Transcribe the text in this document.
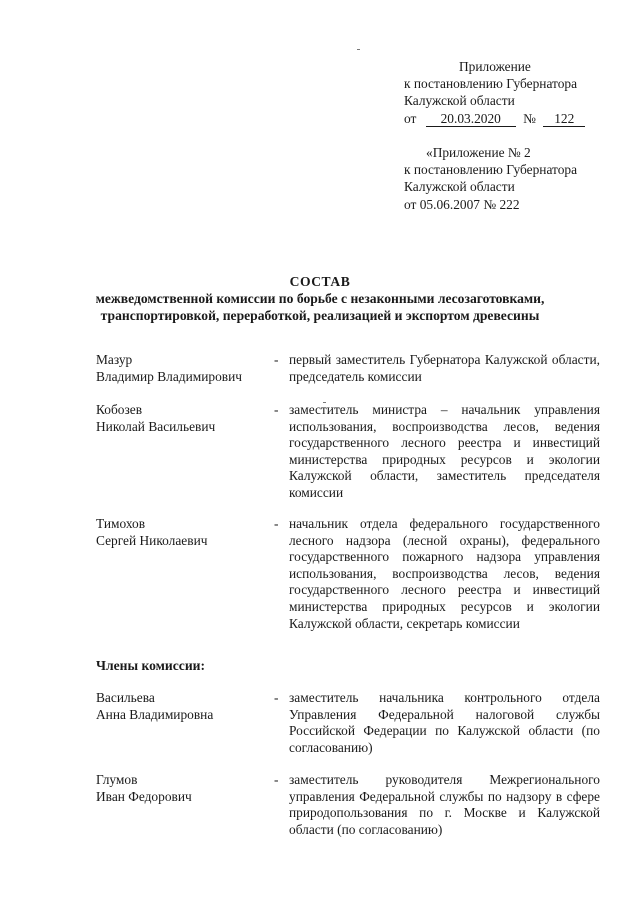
Приложение
к постановлению Губернатора
Калужской области
от 20.03.2020 № 122
«Приложение № 2
к постановлению Губернатора
Калужской области
от 05.06.2007 № 222
СОСТАВ
межведомственной комиссии по борьбе с незаконными лесозаготовками,
транспортировкой, переработкой, реализацией и экспортом древесины
Мазур
Владимир Владимирович
- первый заместитель Губернатора Калужской области, председатель комиссии
Кобозев
Николай Васильевич
- заместитель министра – начальник управления использования, воспроизводства лесов, ведения государственного лесного реестра и инвестиций министерства природных ресурсов и экологии Калужской области, заместитель председателя комиссии
Тимохов
Сергей Николаевич
- начальник отдела федерального государственного лесного надзора (лесной охраны), федерального государственного пожарного надзора управления использования, воспроизводства лесов, ведения государственного лесного реестра и инвестиций министерства природных ресурсов и экологии Калужской области, секретарь комиссии
Члены комиссии:
Васильева
Анна Владимировна
- заместитель начальника контрольного отдела Управления Федеральной налоговой службы Российской Федерации по Калужской области (по согласованию)
Глумов
Иван Федорович
- заместитель руководителя Межрегионального управления Федеральной службы по надзору в сфере природопользования по г. Москве и Калужской области (по согласованию)
